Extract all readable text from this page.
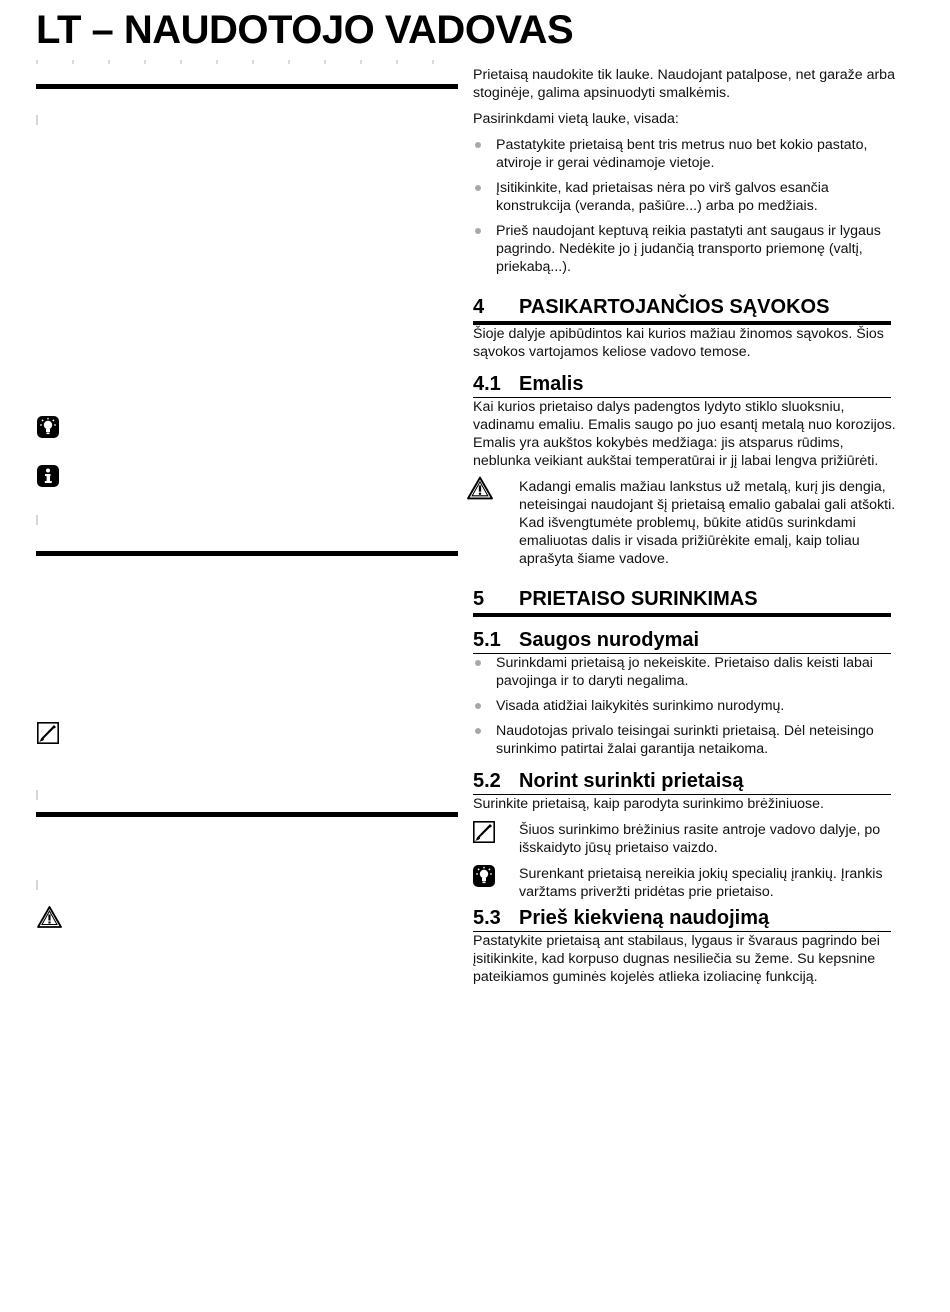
LT – NAUDOTOJO VADOVAS

Prietaisą naudokite tik lauke. Naudojant patalpose, net garaže arba stoginėje, galima apsinuodyti smalkėmis.

Pasirinkdami vietą lauke, visada:

Pastatykite prietaisą bent tris metrus nuo bet kokio pastato, atviroje ir gerai vėdinamoje vietoje.
Įsitikinkite, kad prietaisas nėra po virš galvos esančia konstrukcija (veranda, pašiūre...) arba po medžiais.
Prieš naudojant keptuvą reikia pastatyti ant saugaus ir lygaus pagrindo. Nedėkite jo į judančią transporto priemonę (valtį, priekabą...).
4	PASIKARTOJANČIOS SĄVOKOS

Šioje dalyje apibūdintos kai kurios mažiau žinomos sąvokos. Šios sąvokos vartojamos keliose vadovo temose.

4.1 Emalis

Kai kurios prietaiso dalys padengtos lydyto stiklo sluoksniu, vadinamu emaliu. Emalis saugo po juo esantį metalą nuo korozijos. Emalis yra aukštos kokybės medžiaga: jis atsparus rūdims, neblunka veikiant aukštai temperatūrai ir jį labai lengva prižiūrėti.

Kadangi emalis mažiau lankstus už metalą, kurį jis dengia, neteisingai naudojant šį prietaisą emalio gabalai gali atšokti. Kad išvengtumėte problemų, būkite atidūs surinkdami emaliuotas dalis ir visada prižiūrėkite emalį, kaip toliau aprašyta šiame vadove.
5	PRIETAISO SURINKIMAS
5.1 Saugos nurodymai
Surinkdami prietaisą jo nekeiskite. Prietaiso dalis keisti labai pavojinga ir to daryti negalima.
Visada atidžiai laikykitės surinkimo nurodymų.
Naudotojas privalo teisingai surinkti prietaisą. Dėl neteisingo surinkimo patirtai žalai garantija netaikoma.
5.2 Norint surinkti prietaisą

Surinkite prietaisą, kaip parodyta surinkimo brėžiniuose.

Šiuos surinkimo brėžinius rasite antroje vadovo dalyje, po išskaidyto jūsų prietaiso vaizdo.
Surenkant prietaisą nereikia jokių specialių įrankių. Įrankis varžtams priveržti pridėtas prie prietaiso.
5.3 Prieš kiekvieną naudojimą

Pastatykite prietaisą ant stabilaus, lygaus ir švaraus pagrindo bei įsitikinkite, kad korpuso dugnas nesiliečia su žeme. Su kepsnine pateikiamos guminės kojelės atlieka izoliacinę funkciją.
